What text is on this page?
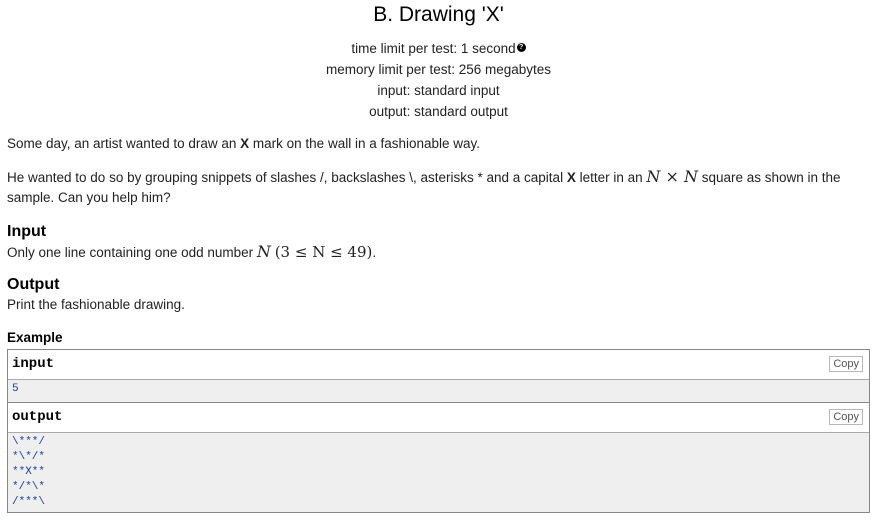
B. Drawing 'X'
time limit per test: 1 second ?
memory limit per test: 256 megabytes
input: standard input
output: standard output

Some day, an artist wanted to draw an X mark on the wall in a fashionable way.

He wanted to do so by grouping snippets of slashes /, backslashes \, asterisks * and a capital X letter in an N × N square as shown in the sample. Can you help him?

Input

Only one line containing one odd number N (3 ≤ N ≤ 49).

Output

Print the fashionable drawing.

Example
input	Copy
5
output	Copy
\***/
*\*/*
**X**
*/*\*
/***\
